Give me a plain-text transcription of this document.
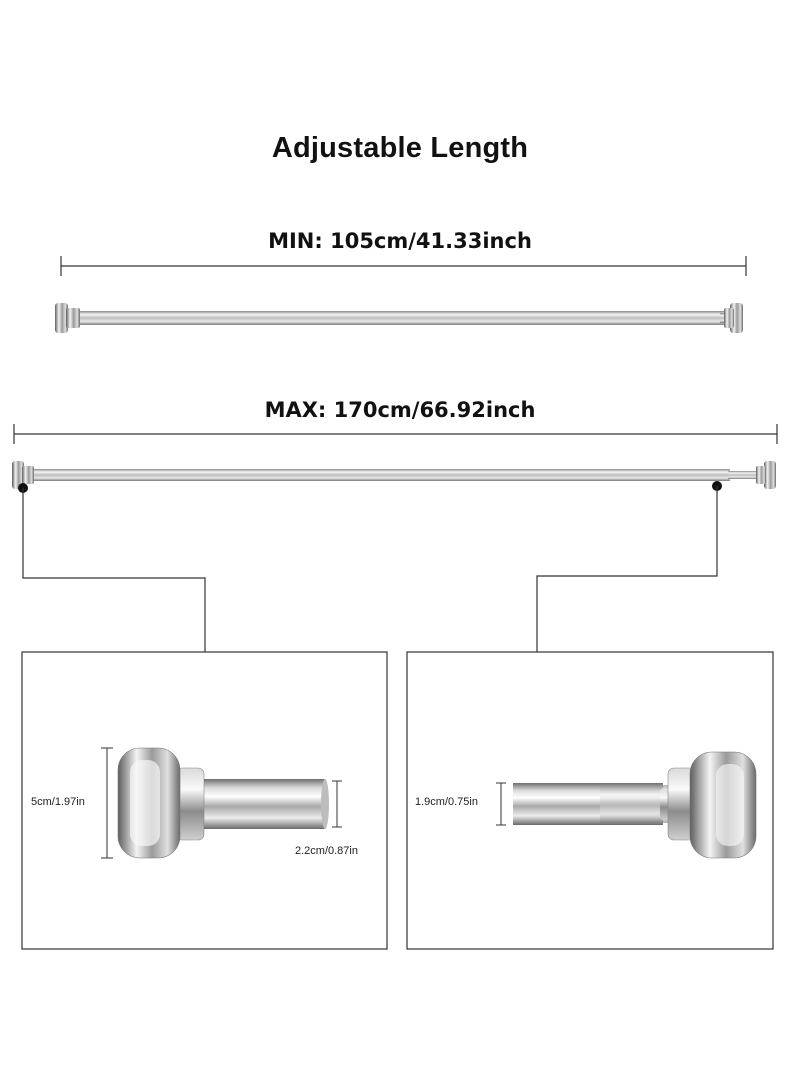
Adjustable Length
MIN: 105cm/41.33inch
MAX: 170cm/66.92inch
5cm/1.97in
2.2cm/0.87in
1.9cm/0.75in
